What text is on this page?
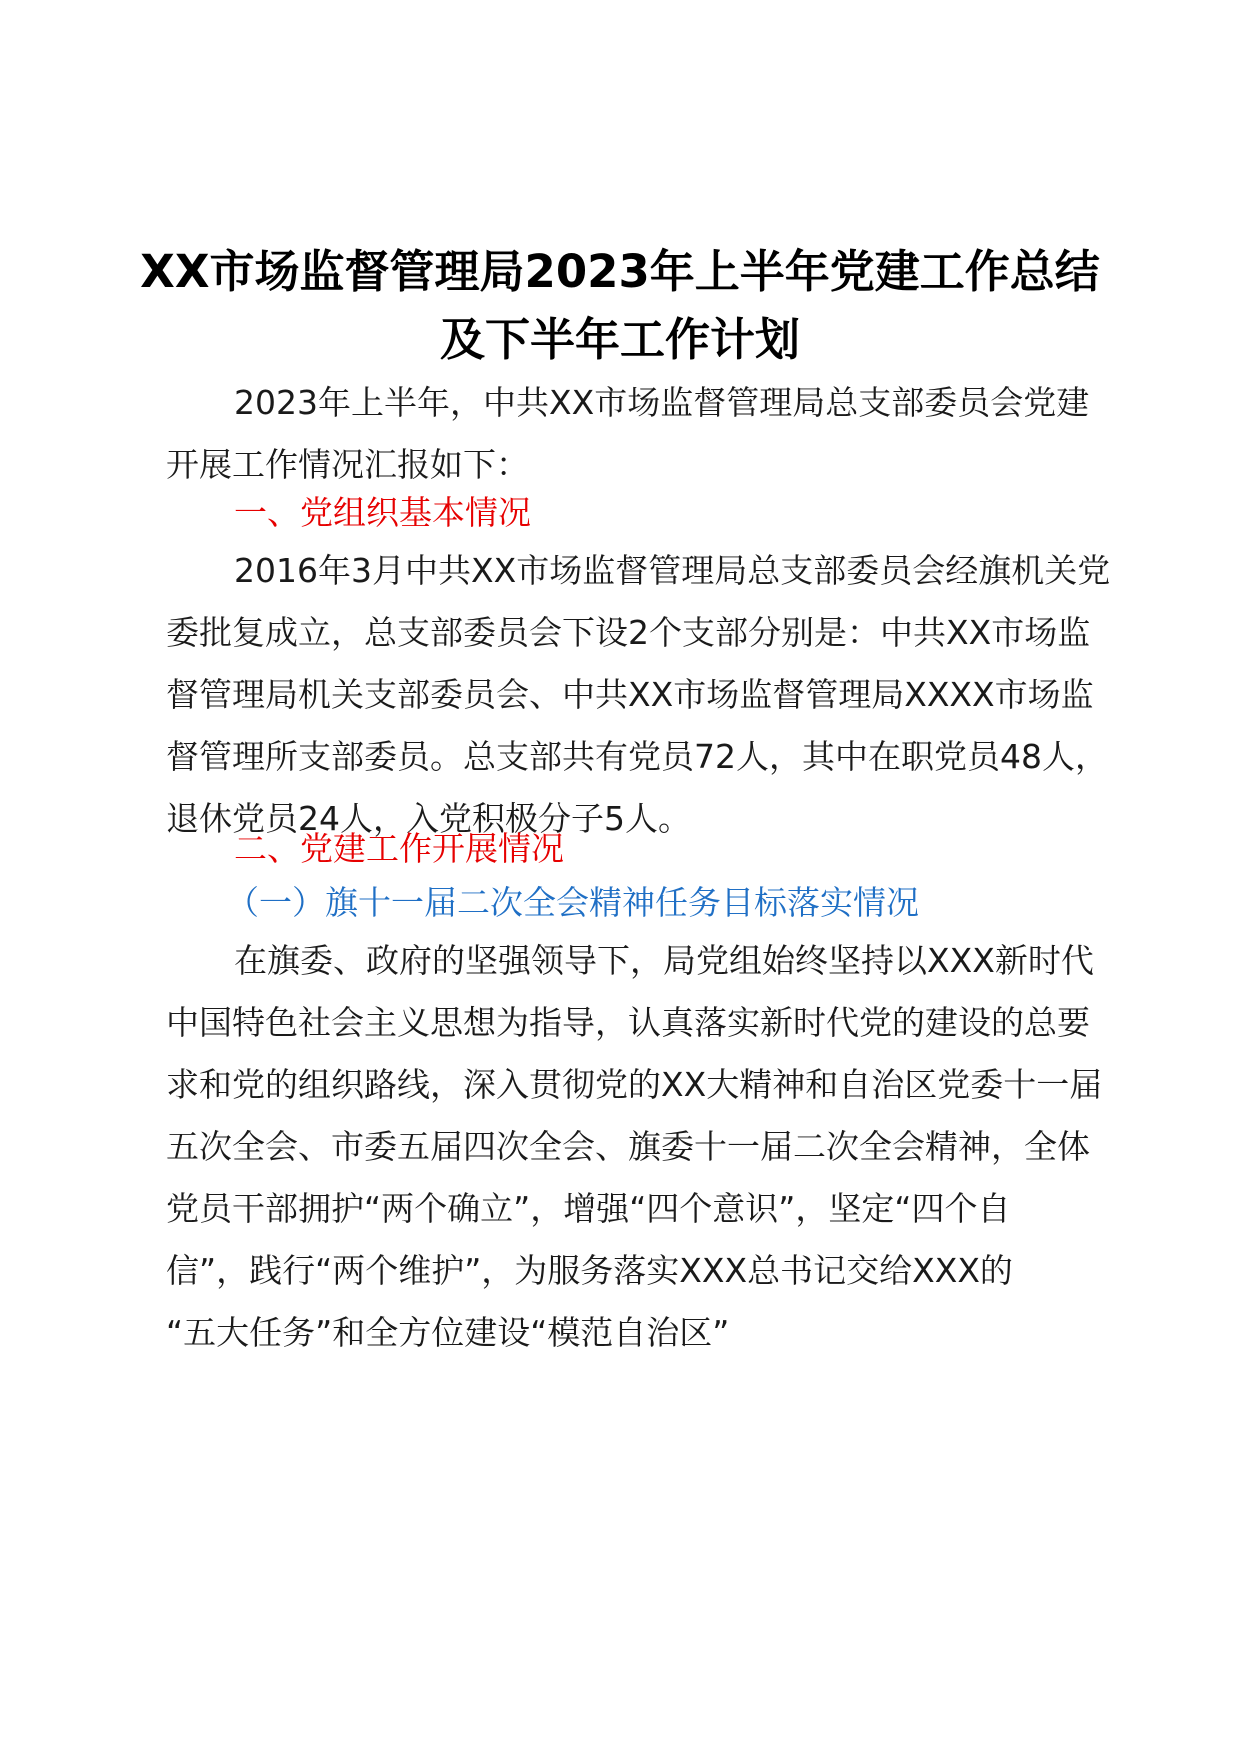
XX市场监督管理局2023年上半年党建工作总结
及下半年工作计划
2023年上半年，中共XX市场监督管理局总支部委员会党建
开展工作情况汇报如下：
一、党组织基本情况
2016年3月中共XX市场监督管理局总支部委员会经旗机关党
委批复成立，总支部委员会下设2个支部分别是：中共XX市场监
督管理局机关支部委员会、中共XX市场监督管理局XXXX市场监
督管理所支部委员。总支部共有党员72人，其中在职党员48人，
退休党员24人，入党积极分子5人。
二、党建工作开展情况
（一）旗十一届二次全会精神任务目标落实情况
在旗委、政府的坚强领导下，局党组始终坚持以XXX新时代
中国特色社会主义思想为指导，认真落实新时代党的建设的总要
求和党的组织路线，深入贯彻党的XX大精神和自治区党委十一届
五次全会、市委五届四次全会、旗委十一届二次全会精神，全体
党员干部拥护“两个确立”，增强“四个意识”，坚定“四个自
信”，践行“两个维护”，为服务落实XXX总书记交给XXX的
“五大任务”和全方位建设“模范自治区”
